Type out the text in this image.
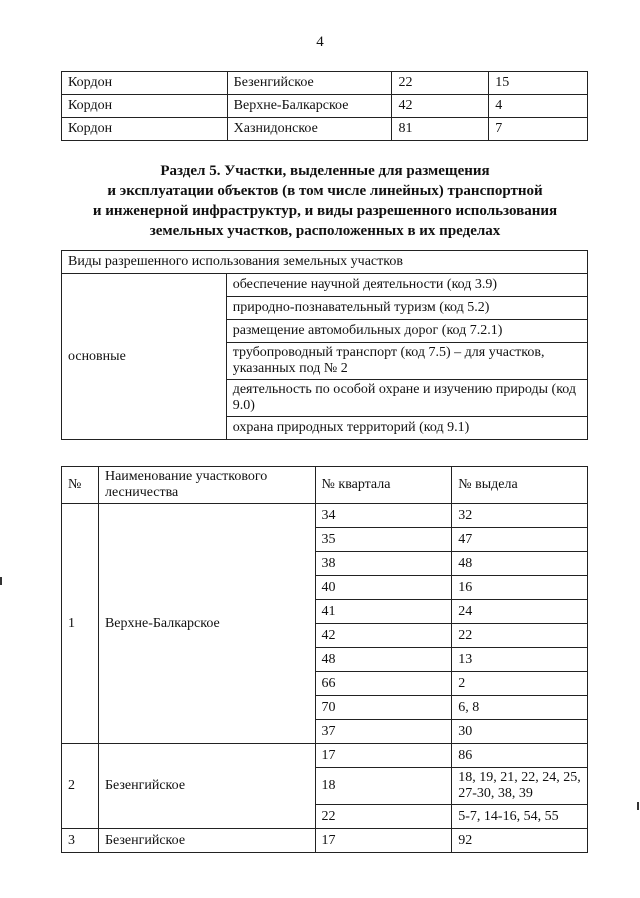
4
Кордон	Безенгийское	22	15
Кордон	Верхне-Балкарское	42	4
Кордон	Хазнидонское	81	7
Раздел 5. Участки, выделенные для размещения
и эксплуатации объектов (в том числе линейных) транспортной
и инженерной инфраструктур, и виды разрешенного использования
земельных участков, расположенных в их пределах
Виды разрешенного использования земельных участков
основные	обеспечение научной деятельности (код 3.9)
природно-познавательный туризм (код 5.2)
размещение автомобильных дорог (код 7.2.1)
трубопроводный транспорт (код 7.5) – для участков, указанных под № 2
деятельность по особой охране и изучению природы (код 9.0)
охрана природных территорий (код 9.1)
№	Наименование участкового лесничества	№ квартала	№ выдела
1	Верхне-Балкарское	34	32
		35	47
		38	48
		40	16
		41	24
		42	22
		48	13
		66	2
		70	6, 8
		37	30
2	Безенгийское	17	86
		18	18, 19, 21, 22, 24, 25, 27-30, 38, 39
		22	5-7, 14-16, 54, 55
3	Безенгийское	17	92
